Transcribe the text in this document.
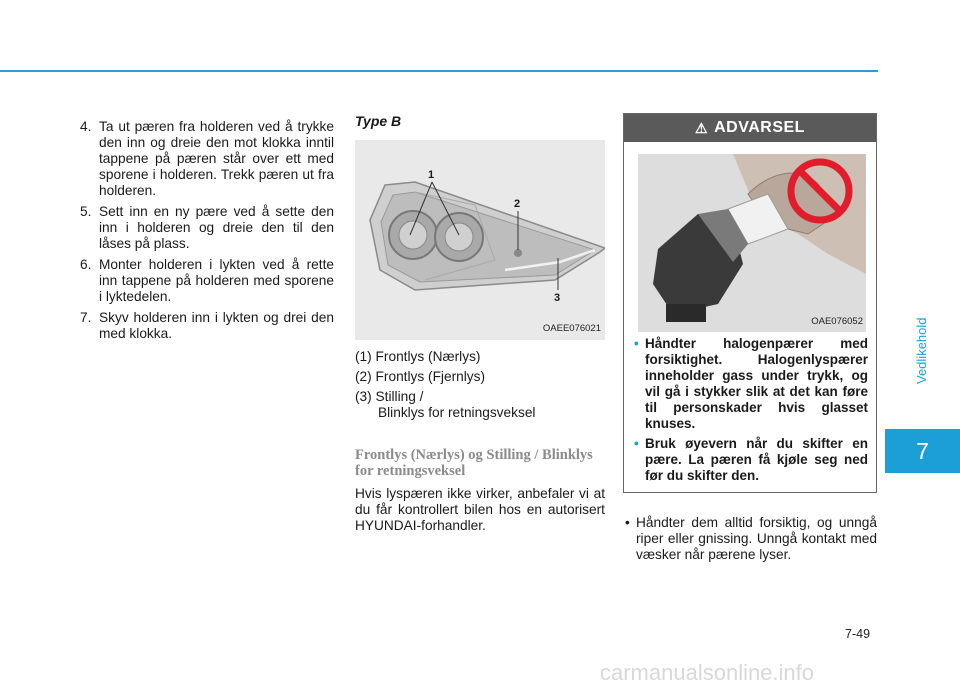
Vedlikehold
7
4. Ta ut pæren fra holderen ved å trykke den inn og dreie den mot klokka inntil tappene på pæren står over ett med sporene i holderen. Trekk pæren ut fra holderen.
5. Sett inn en ny pære ved å sette den inn i holderen og dreie den til den låses på plass.
6. Monter holderen i lykten ved å rette inn tappene på holderen med sporene i lyktedelen.
7. Skyv holderen inn i lykten og drei den med klokka.
Type B
1
2
3
OAEE076021
(1) Frontlys (Nærlys)
(2) Frontlys (Fjernlys)
(3) Stilling /
Blinklys for retningsveksel
Frontlys (Nærlys) og Stilling / Blinklys for retningsveksel
Hvis lyspæren ikke virker, anbefaler vi at du får kontrollert bilen hos en autorisert HYUNDAI-forhandler.
⚠ ADVARSEL
OAE076052
• Håndter halogenpærer med forsiktighet. Halogenlyspærer inneholder gass under trykk, og vil gå i stykker slik at det kan føre til personskader hvis glasset knuses.
• Bruk øyevern når du skifter en pære. La pæren få kjøle seg ned før du skifter den.
• Håndter dem alltid forsiktig, og unngå riper eller gnissing. Unngå kontakt med væsker når pærene lyser.
7-49
carmanualsonline.info
